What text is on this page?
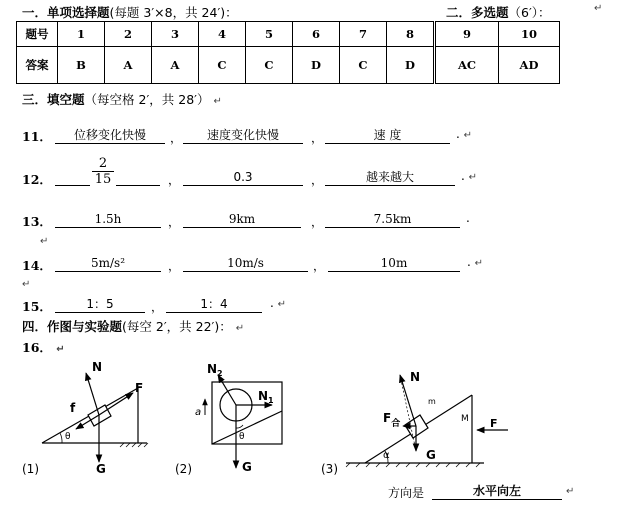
一．单项选择题(每题 3′×8，共 24′)：	二．多选题（6′）：	↵
题号	1	2	3	4	5	6	7	8	9	10
答案	B	A	A	C	C	D	C	D	AC	AD
三．填空题（每空格 2′，共 28′） ↵
11．	位移变化快慢	，	速度变化快慢	，	速 度	. ↵
12．	$\frac{2}{15}$	，	0.3	，	越来越大	. ↵
13．	1.5h	，	9km	，	7.5km	.
↵
14．	5m/s²	，	10m/s	，	10m	. ↵
↵
15．	1：5	，	1：4	. ↵
四．作图与实验题(每空 2′，共 22′)： ↵
16． ↵
θ
N
F
f
G
(1)
a
θ
$N_2$
$N_1$
G
(2)
α
N
F
$F_合$
G
m
M
(3)
方向是	水平向左	↵
